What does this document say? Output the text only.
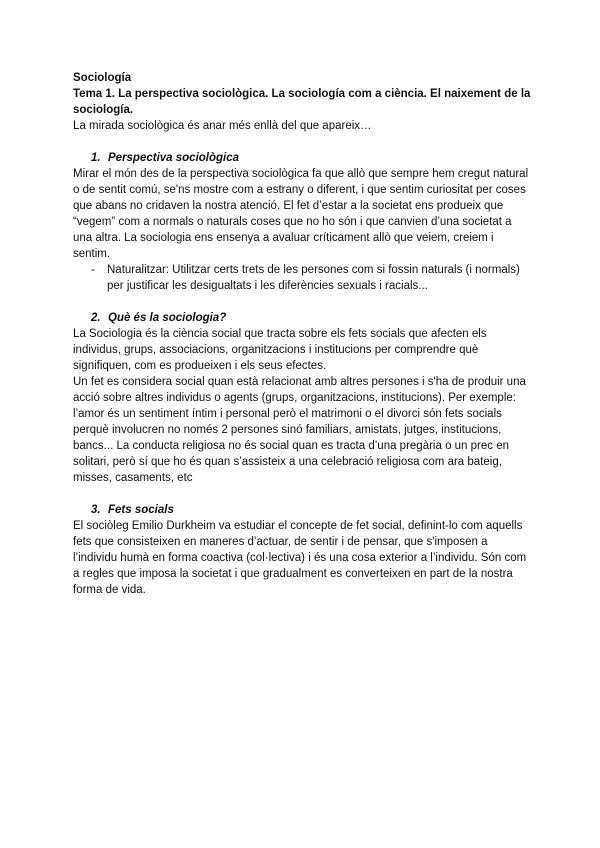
Sociología

Tema 1. La perspectiva sociològica. La sociología com a ciència. El naixement de la sociología.

La mirada sociològica és anar més enllà del que apareix…

1. Perspectiva sociològica

Mirar el món des de la perspectiva sociològica fa que allò que sempre hem cregut natural o de sentit comú, se'ns mostre com a estrany o diferent, i que sentim curiositat per coses que abans no cridaven la nostra atenció. El fet d’estar a la societat ens produeix que “vegem” com a normals o naturals coses que no ho són i que canvien d’una societat a una altra. La sociologia ens ensenya a avaluar críticament allò que veiem, creiem i sentim.

-	Naturalitzar: Utilitzar certs trets de les persones com si fossin naturals (i normals) per justificar les desigualtats i les diferències sexuals i racials...
2. Què és la sociologia?

La Sociologia és la ciència social que tracta sobre els fets socials que afecten els individus, grups, associacions, organitzacions i institucions per comprendre què signifiquen, com es produeixen i els seus efectes.

Un fet es considera social quan està relacionat amb altres persones i s'ha de produir una acció sobre altres individus o agents (grups, organitzacions, institucions). Per exemple: l’amor és un sentiment íntim i personal però el matrimoni o el divorci són fets socials perquè involucren no només 2 persones sinó familiars, amistats, jutges, institucions, bancs... La conducta religiosa no és social quan es tracta d’una pregària o un prec en solitari, però sí que ho és quan s’assisteix a una celebració religiosa com ara bateig, misses, casaments, etc

3. Fets socials

El sociòleg Emilio Durkheim va estudiar el concepte de fet social, definint-lo com aquells fets que consisteixen en maneres d’actuar, de sentir i de pensar, que s'imposen a l’individu humà en forma coactiva (col·lectiva) i és una cosa exterior a l’individu. Són com a regles que imposa la societat i que gradualment es converteixen en part de la nostra forma de vida.
